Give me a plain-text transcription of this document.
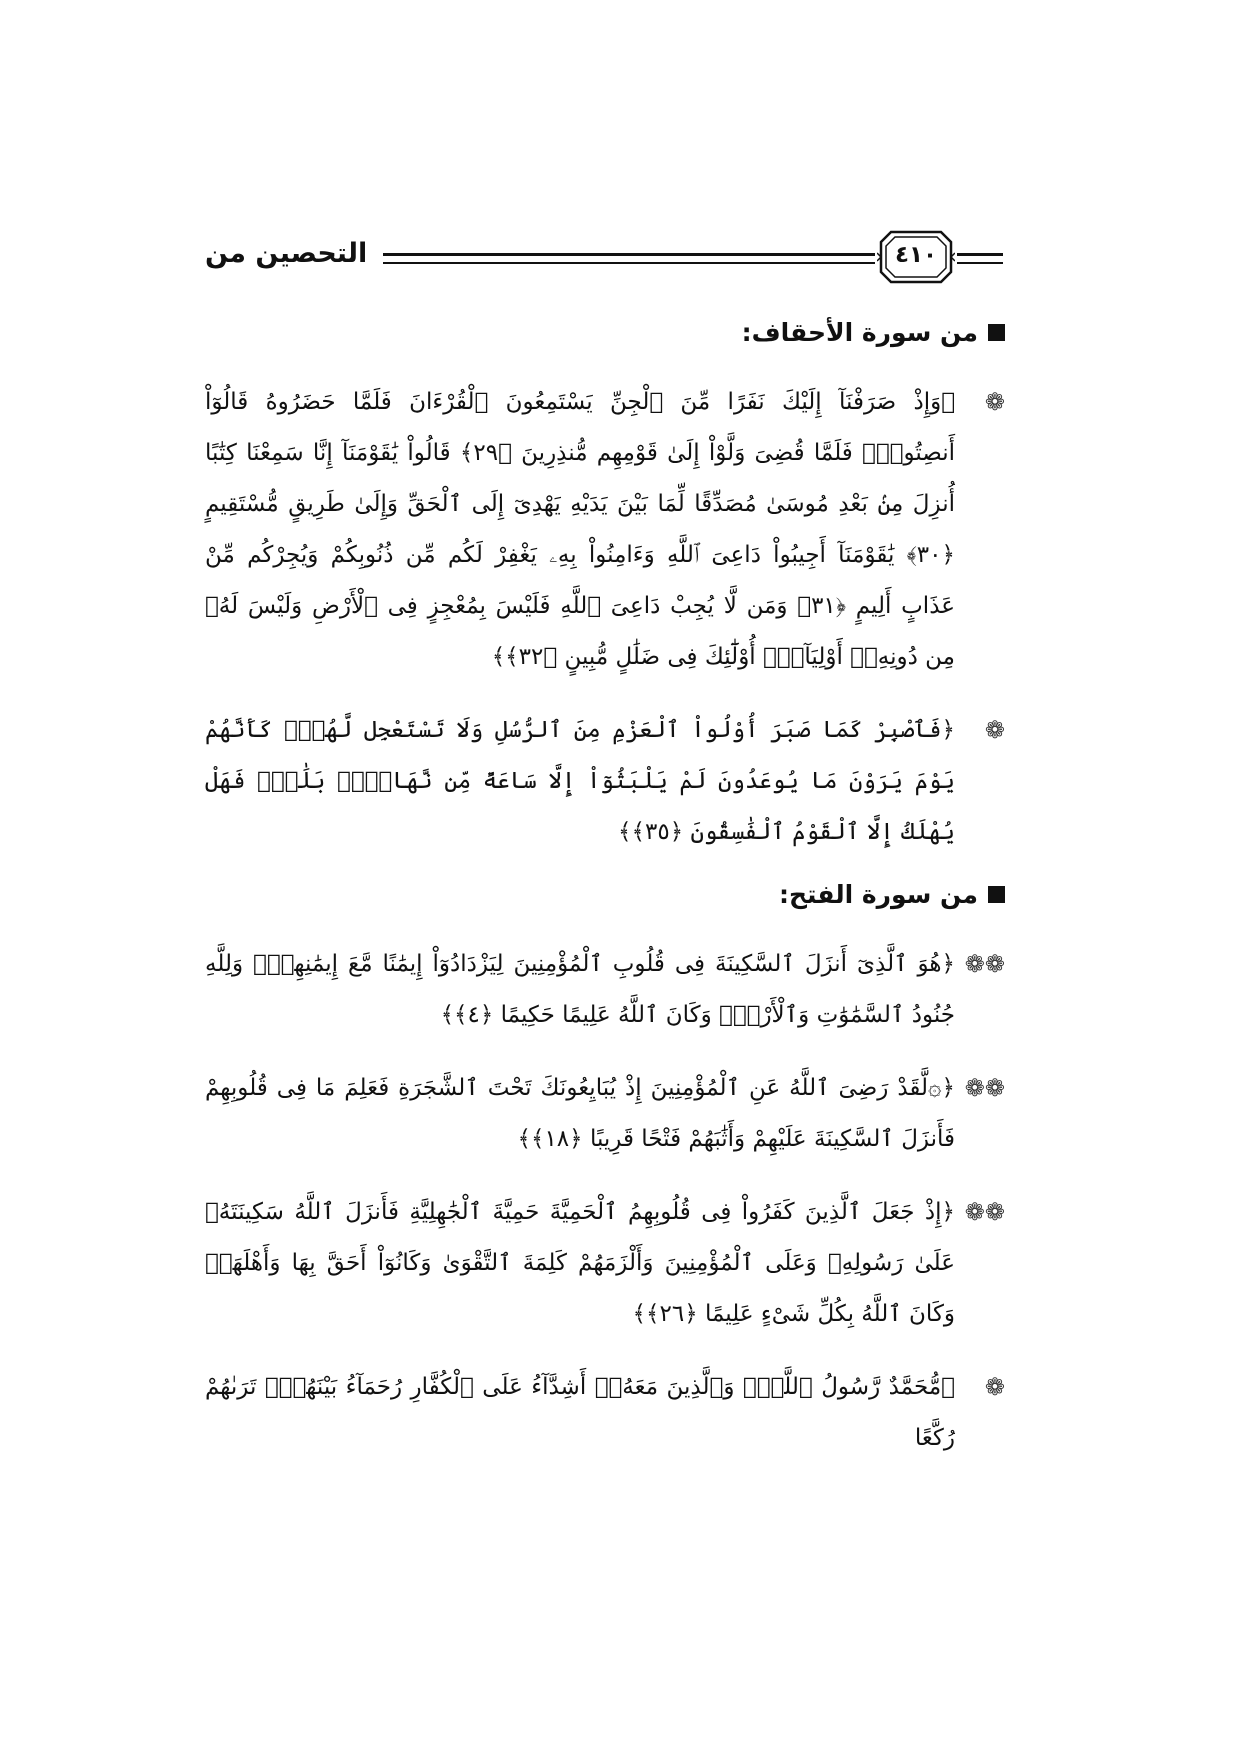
التحصين من	٤١٠
من سورة الأحقاف:
❁
﴿وَإِذْ صَرَفْنَآ إِلَيْكَ نَفَرًا مِّنَ ٱلْجِنِّ يَسْتَمِعُونَ ٱلْقُرْءَانَ فَلَمَّا حَضَرُوهُ قَالُوٓاْ أَنصِتُواْۖ فَلَمَّا قُضِىَ وَلَّوْاْ إِلَىٰ قَوْمِهِم مُّنذِرِينَ ﴿٢٩﴾ قَالُواْ يَٰقَوْمَنَآ إِنَّا سَمِعْنَا كِتَٰبًا أُنزِلَ مِنۢ بَعْدِ مُوسَىٰ مُصَدِّقًا لِّمَا بَيْنَ يَدَيْهِ يَهْدِىٓ إِلَى ٱلْحَقِّ وَإِلَىٰ طَرِيقٍ مُّسْتَقِيمٍ ﴿٣٠﴾ يَٰقَوْمَنَآ أَجِيبُواْ دَاعِىَ ٱللَّهِ وَءَامِنُواْ بِهِۦ يَغْفِرْ لَكُم مِّن ذُنُوبِكُمْ وَيُجِرْكُم مِّنْ عَذَابٍ أَلِيمٍ ﴿٣١﴾ وَمَن لَّا يُجِبْ دَاعِىَ ٱللَّهِ فَلَيْسَ بِمُعْجِزٍ فِى ٱلْأَرْضِ وَلَيْسَ لَهُۥ مِن دُونِهِۦٓ أَوْلِيَآءُۚ أُوْلَٰٓئِكَ فِى ضَلَٰلٍ مُّبِينٍ ﴿٣٢﴾﴾
❁
﴿فَٱصْبِرْ كَمَا صَبَرَ أُوْلُواْ ٱلْعَزْمِ مِنَ ٱلرُّسُلِ وَلَا تَسْتَعْجِل لَّهُمْۚ كَأَنَّهُمْ يَوْمَ يَرَوْنَ مَا يُوعَدُونَ لَمْ يَلْبَثُوٓاْ إِلَّا سَاعَةً مِّن نَّهَارٍۭۚ بَلَٰغٌۚ فَهَلْ يُهْلَكُ إِلَّا ٱلْقَوْمُ ٱلْفَٰسِقُونَ ﴿٣٥﴾﴾
من سورة الفتح:
❁❁
﴿هُوَ ٱلَّذِىٓ أَنزَلَ ٱلسَّكِينَةَ فِى قُلُوبِ ٱلْمُؤْمِنِينَ لِيَزْدَادُوٓاْ إِيمَٰنًا مَّعَ إِيمَٰنِهِمْۗ وَلِلَّهِ جُنُودُ ٱلسَّمَٰوَٰتِ وَٱلْأَرْضِۚ وَكَانَ ٱللَّهُ عَلِيمًا حَكِيمًا ﴿٤﴾﴾
❁❁
﴿۞لَّقَدْ رَضِىَ ٱللَّهُ عَنِ ٱلْمُؤْمِنِينَ إِذْ يُبَايِعُونَكَ تَحْتَ ٱلشَّجَرَةِ فَعَلِمَ مَا فِى قُلُوبِهِمْ فَأَنزَلَ ٱلسَّكِينَةَ عَلَيْهِمْ وَأَثَٰبَهُمْ فَتْحًا قَرِيبًا ﴿١٨﴾﴾
❁❁
﴿إِذْ جَعَلَ ٱلَّذِينَ كَفَرُواْ فِى قُلُوبِهِمُ ٱلْحَمِيَّةَ حَمِيَّةَ ٱلْجَٰهِلِيَّةِ فَأَنزَلَ ٱللَّهُ سَكِينَتَهُۥ عَلَىٰ رَسُولِهِۦ وَعَلَى ٱلْمُؤْمِنِينَ وَأَلْزَمَهُمْ كَلِمَةَ ٱلتَّقْوَىٰ وَكَانُوٓاْ أَحَقَّ بِهَا وَأَهْلَهَاۚ وَكَانَ ٱللَّهُ بِكُلِّ شَىْءٍ عَلِيمًا ﴿٢٦﴾﴾
❁
﴿مُّحَمَّدٌ رَّسُولُ ٱللَّهِۚ وَٱلَّذِينَ مَعَهُۥٓ أَشِدَّآءُ عَلَى ٱلْكُفَّارِ رُحَمَآءُ بَيْنَهُمْۖ تَرَىٰهُمْ رُكَّعًا
